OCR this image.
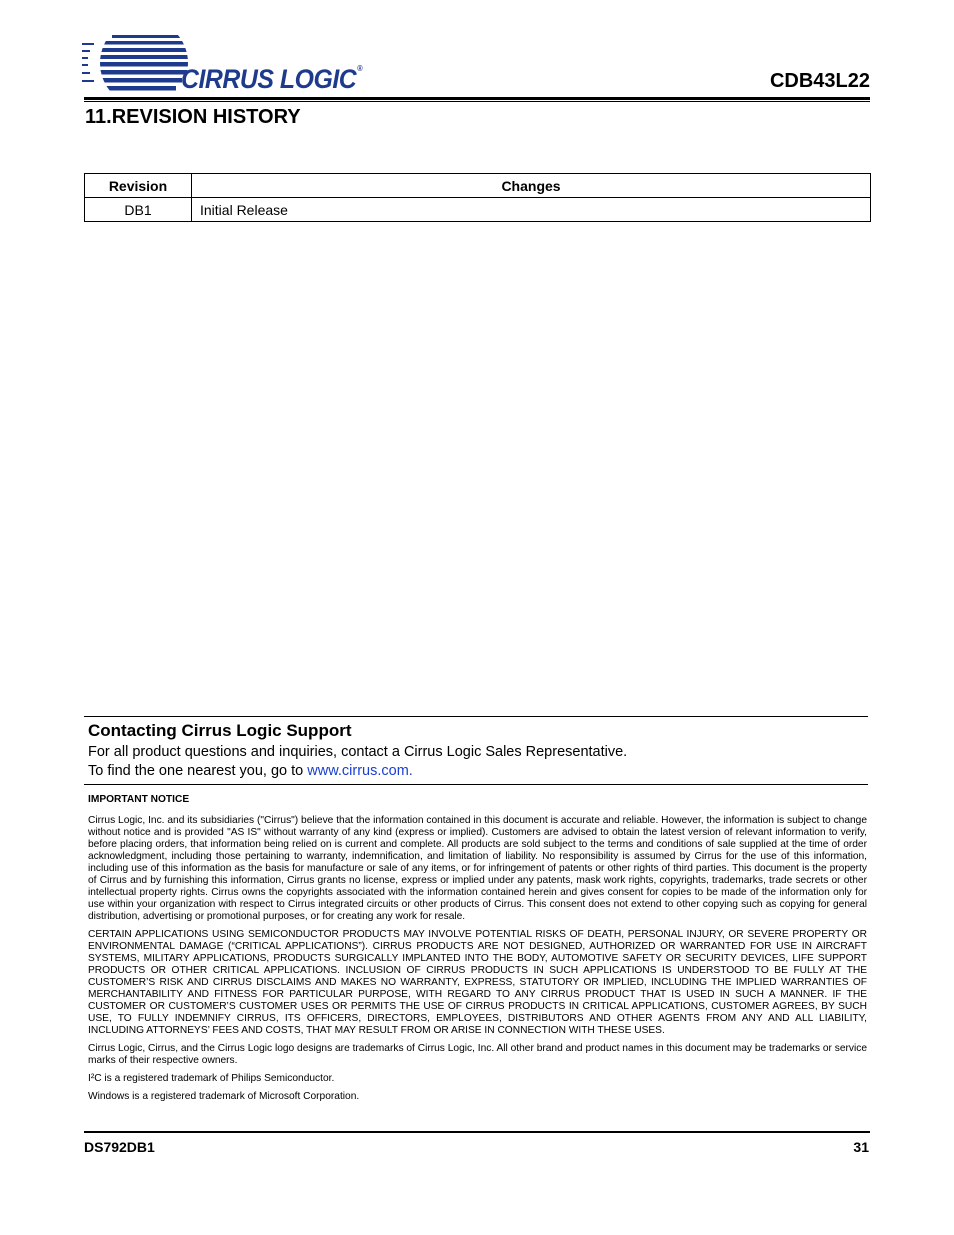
CIRRUS LOGIC®
CDB43L22
11.REVISION HISTORY
Revision	Changes
DB1	Initial Release
Contacting Cirrus Logic Support
For all product questions and inquiries, contact a Cirrus Logic Sales Representative.
To find the one nearest you, go to www.cirrus.com.
IMPORTANT NOTICE

Cirrus Logic, Inc. and its subsidiaries ("Cirrus") believe that the information contained in this document is accurate and reliable. However, the information is subject to change without notice and is provided "AS IS" without warranty of any kind (express or implied). Customers are advised to obtain the latest version of relevant information to verify, before placing orders, that information being relied on is current and complete. All products are sold subject to the terms and conditions of sale supplied at the time of order acknowledgment, including those pertaining to warranty, indemnification, and limitation of liability. No responsibility is assumed by Cirrus for the use of this information, including use of this information as the basis for manufacture or sale of any items, or for infringement of patents or other rights of third parties. This document is the property of Cirrus and by furnishing this information, Cirrus grants no license, express or implied under any patents, mask work rights, copyrights, trademarks, trade secrets or other intellectual property rights. Cirrus owns the copyrights associated with the information contained herein and gives consent for copies to be made of the information only for use within your organization with respect to Cirrus integrated circuits or other products of Cirrus. This consent does not extend to other copying such as copying for general distribution, advertising or promotional purposes, or for creating any work for resale.

CERTAIN APPLICATIONS USING SEMICONDUCTOR PRODUCTS MAY INVOLVE POTENTIAL RISKS OF DEATH, PERSONAL INJURY, OR SEVERE PROPERTY OR ENVIRONMENTAL DAMAGE (“CRITICAL APPLICATIONS”). CIRRUS PRODUCTS ARE NOT DESIGNED, AUTHORIZED OR WARRANTED FOR USE IN AIRCRAFT SYSTEMS, MILITARY APPLICATIONS, PRODUCTS SURGICALLY IMPLANTED INTO THE BODY, AUTOMOTIVE SAFETY OR SECURITY DEVICES, LIFE SUPPORT PRODUCTS OR OTHER CRITICAL APPLICATIONS. INCLUSION OF CIRRUS PRODUCTS IN SUCH APPLICATIONS IS UNDERSTOOD TO BE FULLY AT THE CUSTOMER’S RISK AND CIRRUS DISCLAIMS AND MAKES NO WARRANTY, EXPRESS, STATUTORY OR IMPLIED, INCLUDING THE IMPLIED WARRANTIES OF MERCHANTABILITY AND FITNESS FOR PARTICULAR PURPOSE, WITH REGARD TO ANY CIRRUS PRODUCT THAT IS USED IN SUCH A MANNER. IF THE CUSTOMER OR CUSTOMER’S CUSTOMER USES OR PERMITS THE USE OF CIRRUS PRODUCTS IN CRITICAL APPLICATIONS, CUSTOMER AGREES, BY SUCH USE, TO FULLY INDEMNIFY CIRRUS, ITS OFFICERS, DIRECTORS, EMPLOYEES, DISTRIBUTORS AND OTHER AGENTS FROM ANY AND ALL LIABILITY, INCLUDING ATTORNEYS’ FEES AND COSTS, THAT MAY RESULT FROM OR ARISE IN CONNECTION WITH THESE USES.

Cirrus Logic, Cirrus, and the Cirrus Logic logo designs are trademarks of Cirrus Logic, Inc. All other brand and product names in this document may be trademarks or service marks of their respective owners.

I²C is a registered trademark of Philips Semiconductor.

Windows is a registered trademark of Microsoft Corporation.

DS792DB1	31
